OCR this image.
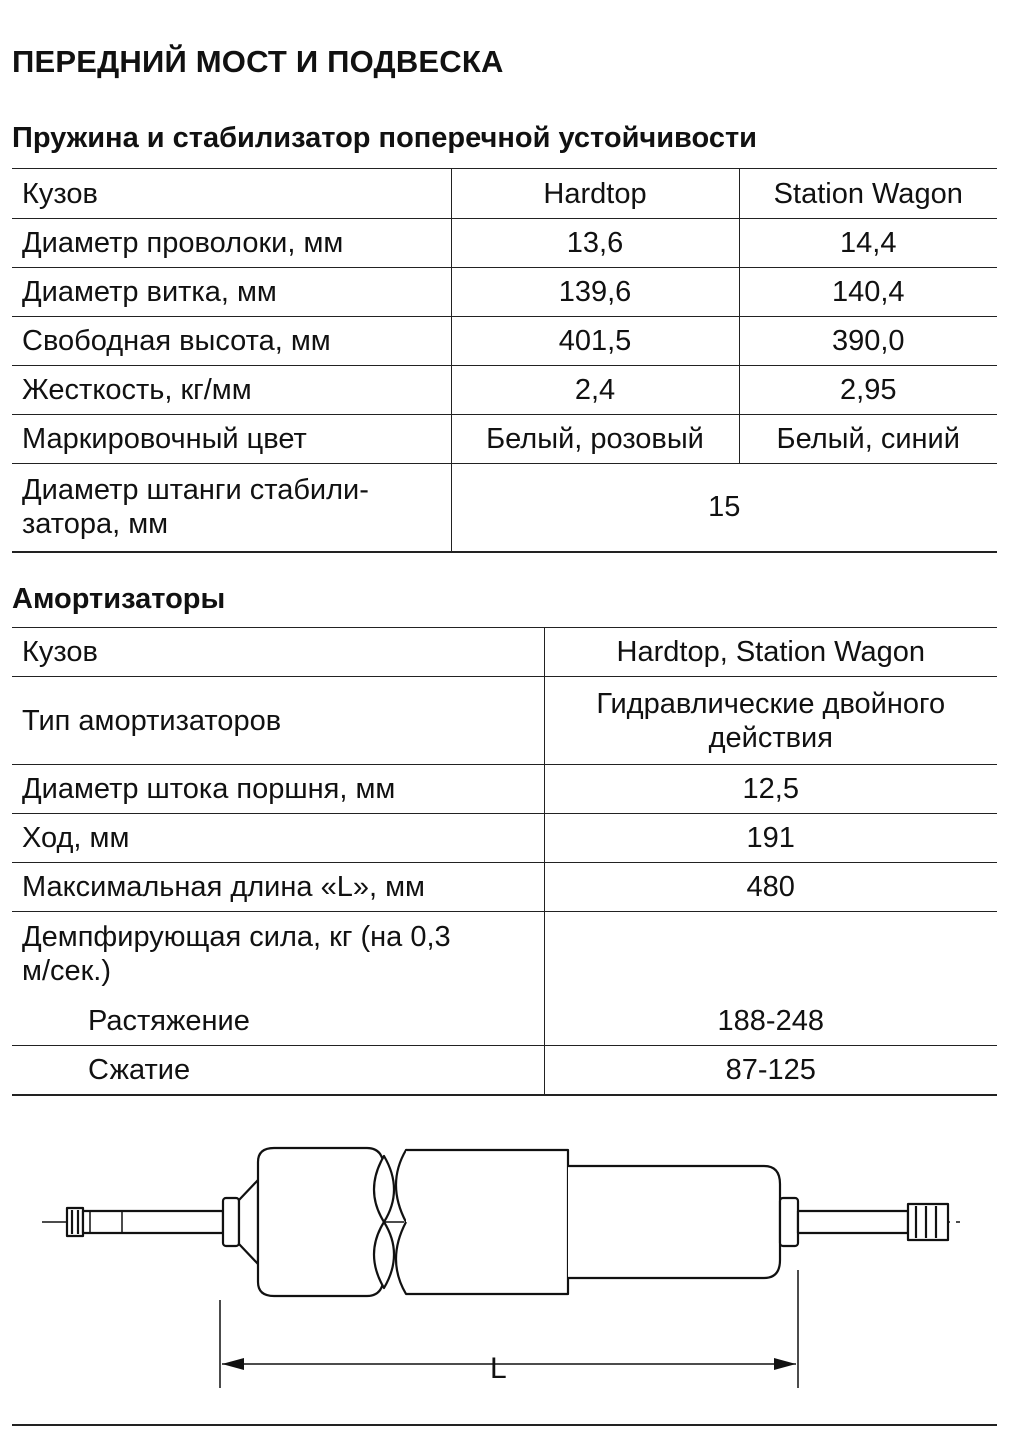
ПЕРЕДНИЙ МОСТ И ПОДВЕСКА
Пружина и стабилизатор поперечной устойчивости
Кузов	Hardtop	Station Wagon
Диаметр проволоки, мм	13,6	14,4
Диаметр витка, мм	139,6	140,4
Свободная высота, мм	401,5	390,0
Жесткость, кг/мм	2,4	2,95
Маркировочный цвет	Белый, розовый	Белый, синий

Диаметр штанги стабили-
затора, мм	15	
Амортизаторы
Кузов	Hardtop, Station Wagon
Тип амортизаторов	Гидравлические двойного
действия

Диаметр штока поршня, мм	12,5
Ход, мм	191
Максимальная длина «L», мм	480

Демпфирующая сила, кг (на 0,3
м/сек.)	

Растяжение	188-248
Сжатие	87-125
L
